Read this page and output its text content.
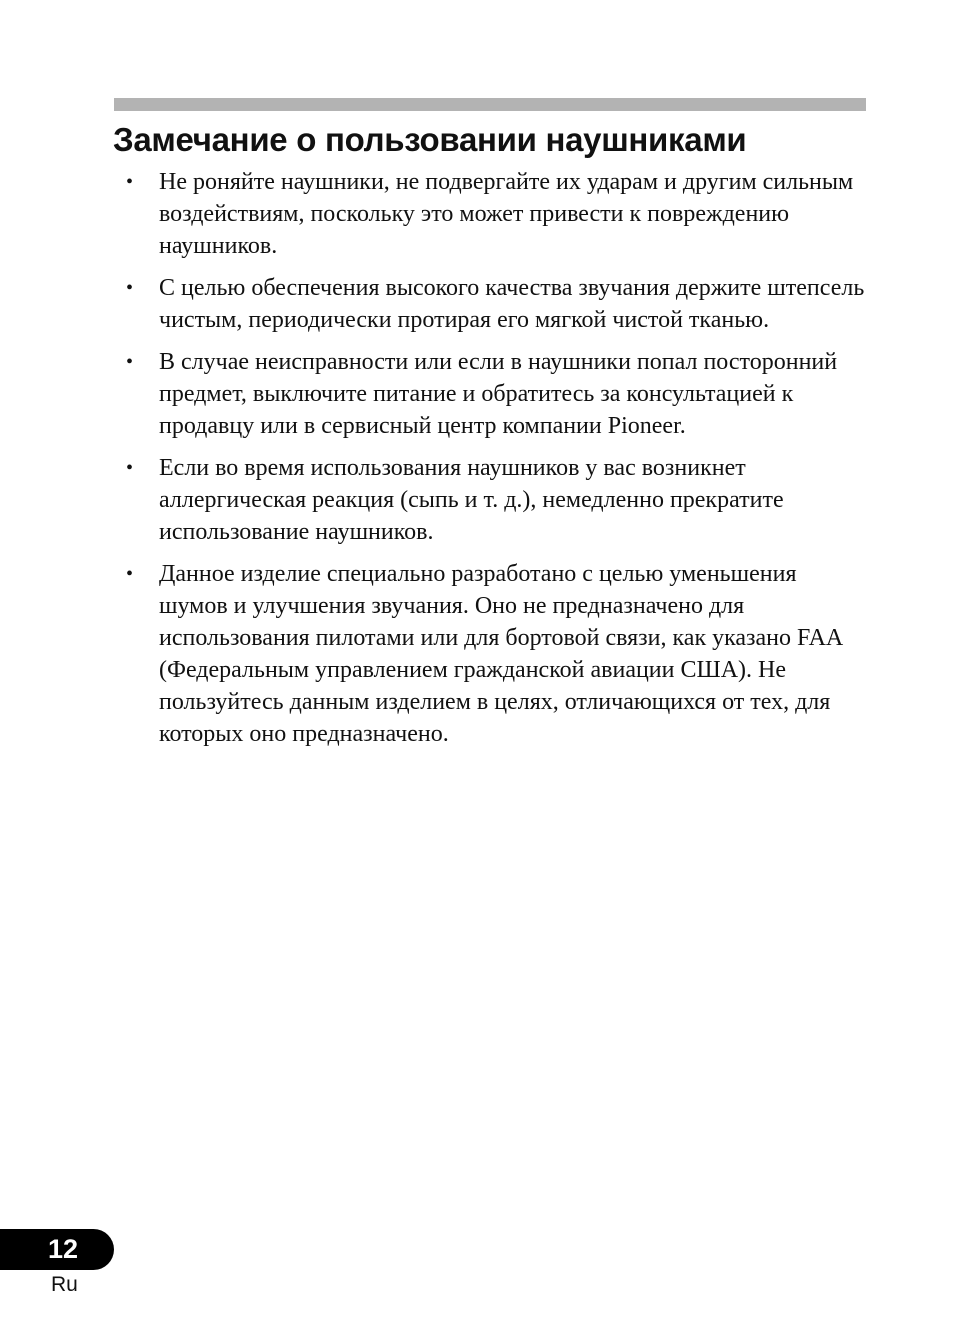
Замечание о пользовании наушниками
•	Не роняйте наушники, не подвергайте их ударам и другим сильным воздействиям, поскольку это может привести к повреждению наушников.
•	С целью обеспечения высокого качества звучания держите штепсель чистым, периодически протирая его мягкой чистой тканью.
•	В случае неисправности или если в наушники попал посторонний предмет, выключите питание и обратитесь за консультацией к продавцу или в сервисный центр компании Pioneer.
•	Если во время использования наушников у вас возникнет аллергическая реакция (сыпь и т. д.), немедленно прекратите использование наушников.
•	Данное изделие специально разработано с целью уменьшения шумов и улучшения звучания. Оно не предназначено для использования пилотами или для бортовой связи, как указано FAA (Федеральным управлением гражданской авиации США). Не пользуйтесь данным изделием в целях, отличающихся от тех, для которых оно предназначено.
12
Ru
